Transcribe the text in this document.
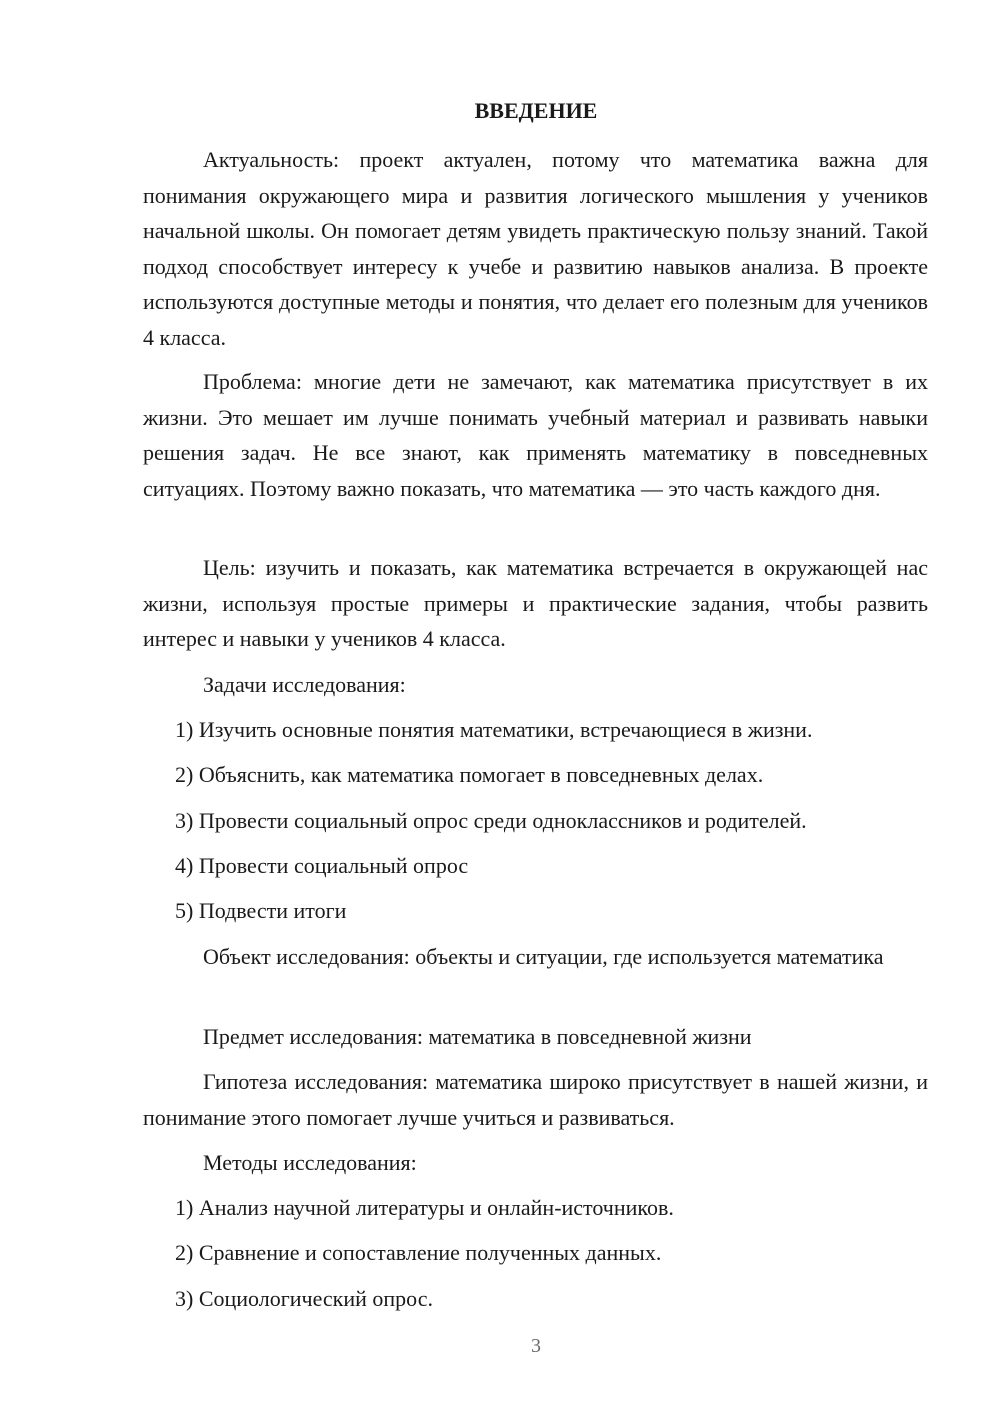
ВВЕДЕНИЕ

Актуальность: проект актуален, потому что математика важна для понимания окружающего мира и развития логического мышления у учеников начальной школы. Он помогает детям увидеть практическую пользу знаний. Такой подход способствует интересу к учебе и развитию навыков анализа. В проекте используются доступные методы и понятия, что делает его полезным для учеников 4 класса.

Проблема: многие дети не замечают, как математика присутствует в их жизни. Это мешает им лучше понимать учебный материал и развивать навыки решения задач. Не все знают, как применять математику в повседневных ситуациях. Поэтому важно показать, что математика — это часть каждого дня.

Цель: изучить и показать, как математика встречается в окружающей нас жизни, используя простые примеры и практические задания, чтобы развить интерес и навыки у учеников 4 класса.

Задачи исследования:

1) Изучить основные понятия математики, встречающиеся в жизни.
2) Объяснить, как математика помогает в повседневных делах.
3) Провести социальный опрос среди одноклассников и родителей.
4) Провести социальный опрос
5) Подвести итоги

Объект исследования: объекты и ситуации, где используется математика

Предмет исследования: математика в повседневной жизни

Гипотеза исследования: математика широко присутствует в нашей жизни, и понимание этого помогает лучше учиться и развиваться.

Методы исследования:

1) Анализ научной литературы и онлайн-источников.
2) Сравнение и сопоставление полученных данных.
3) Социологический опрос.
3
